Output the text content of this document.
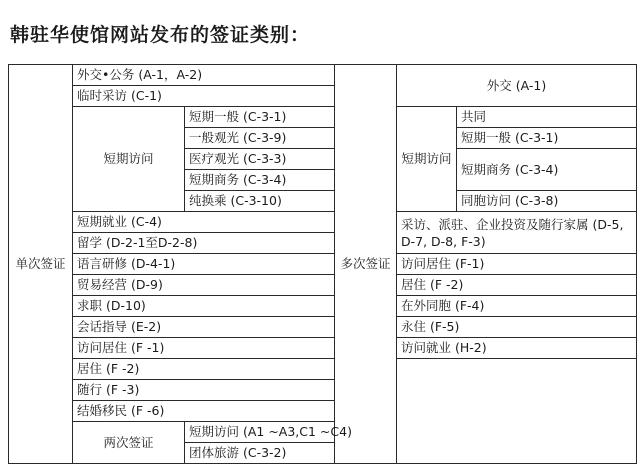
韩驻华使馆网站发布的签证类别：
单次签证	外交•公务 (A-1，A-2)		多次签证	外交 (A-1)	
	临时采访 (C-1)				
	短期访问	短期一般 (C-3-1)		短期访问	共同
		一般观光 (C-3-9)			短期一般 (C-3-1)
		医疗观光 (C-3-3)			短期商务 (C-3-4)
		短期商务 (C-3-4)			
		纯换乘 (C-3-10)			同胞访问 (C-3-8)
	短期就业 (C-4)			采访、派驻、企业投资及随行家属 (D-5, D-7, D-8, F-3)	
	留学 (D-2-1至D-2-8)				
	语言研修 (D-4-1)			访问居住 (F-1)	
	贸易经营 (D-9)			居住 (F -2)	
	求职 (D-10)			在外同胞 (F-4)	
	会话指导 (E-2)			永住 (F-5)	
	访问居住 (F -1)			访问就业 (H-2)	
	居住 (F -2)				
	随行 (F -3)				
	结婚移民 (F -6)				
	两次签证	短期访问 (A1 ~A3,C1 ~C4)			
		团体旅游 (C-3-2)			
